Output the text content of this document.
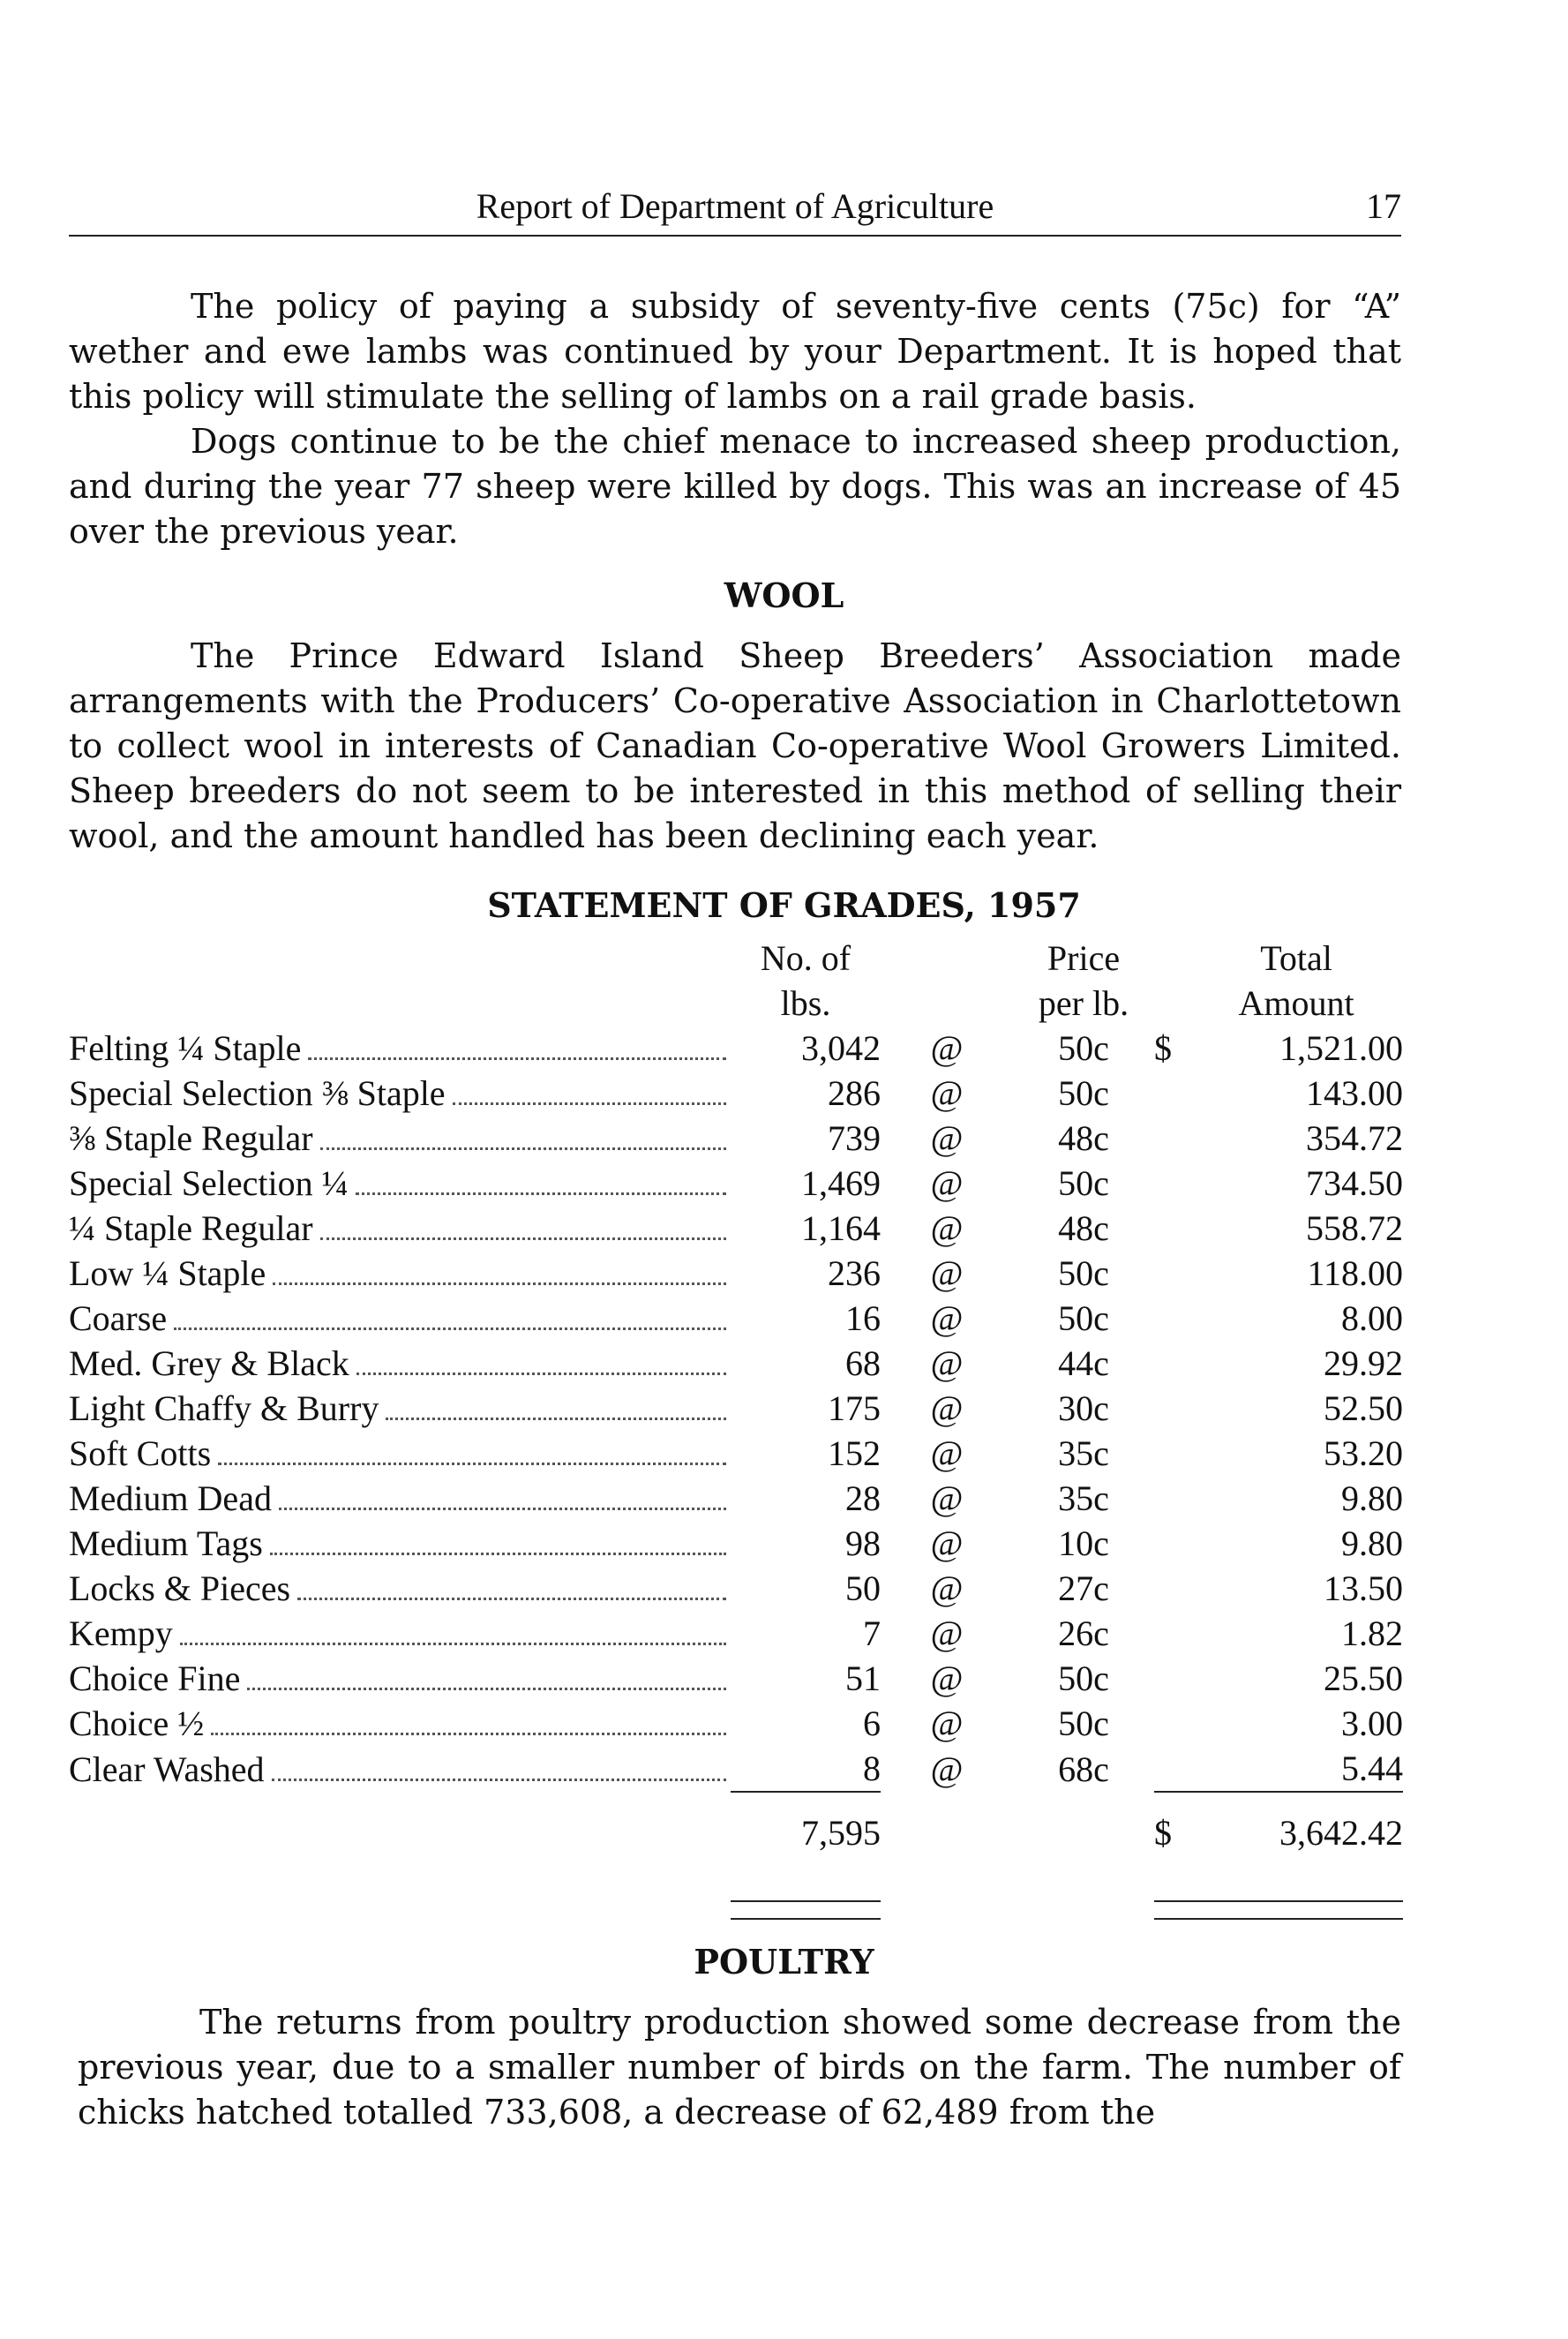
Report of Department of Agriculture	17

The policy of paying a subsidy of seventy-five cents (75c) for “A” wether and ewe lambs was continued by your Department. It is hoped that this policy will stimulate the selling of lambs on a rail grade basis.

Dogs continue to be the chief menace to increased sheep production, and during the year 77 sheep were killed by dogs. This was an increase of 45 over the previous year.

WOOL

The Prince Edward Island Sheep Breeders’ Association made arrangements with the Producers’ Co-operative Association in Charlottetown to collect wool in interests of Canadian Co-operative Wool Growers Limited. Sheep breeders do not seem to be interested in this method of selling their wool, and the amount handled has been declining each year.

STATEMENT OF GRADES, 1957
	No. of		Price		Total
	lbs.		per lb.		Amount

Felting ¼ Staple	3,042	@	50c	$	1,521.00

Special Selection ⅜ Staple	286	@	50c		143.00

⅜ Staple Regular	739	@	48c		354.72

Special Selection ¼	1,469	@	50c		734.50

¼ Staple Regular	1,164	@	48c		558.72

Low ¼ Staple	236	@	50c		118.00

Coarse	16	@	50c		8.00

Med. Grey & Black	68	@	44c		29.92

Light Chaffy & Burry	175	@	30c		52.50

Soft Cotts	152	@	35c		53.20

Medium Dead	28	@	35c		9.80

Medium Tags	98	@	10c		9.80

Locks & Pieces	50	@	27c		13.50

Kempy	7	@	26c		1.82

Choice Fine	51	@	50c		25.50

Choice ½	6	@	50c		3.00

Clear Washed	8	@	68c		5.44

	7,595			$	3,642.42

POULTRY

The returns from poultry production showed some decrease from the previous year, due to a smaller number of birds on the farm. The number of chicks hatched totalled 733,608, a decrease of 62,489 from the
